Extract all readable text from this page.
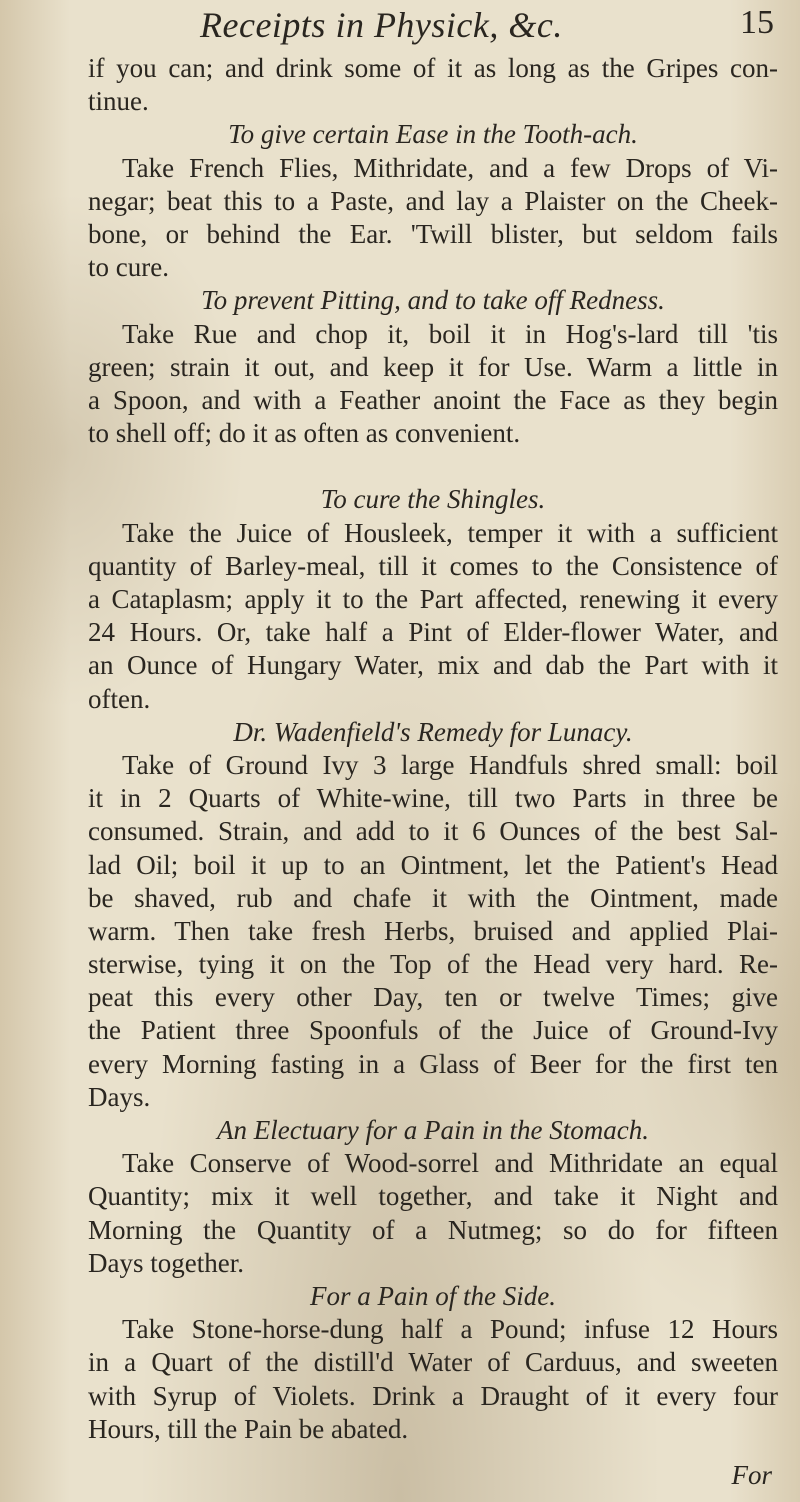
Receipts in Physick, &c.	15
if you can; and drink some of it as long as the Gripes con-
tinue.
To give certain Ease in the Tooth-ach.
Take French Flies, Mithridate, and a few Drops of Vi-
negar; beat this to a Paste, and lay a Plaister on the Cheek-
bone, or behind the Ear. 'Twill blister, but seldom fails
to cure.
To prevent Pitting, and to take off Redness.
Take Rue and chop it, boil it in Hog's-lard till 'tis
green; strain it out, and keep it for Use. Warm a little in
a Spoon, and with a Feather anoint the Face as they begin
to shell off; do it as often as convenient.
To cure the Shingles.
Take the Juice of Housleek, temper it with a sufficient
quantity of Barley-meal, till it comes to the Consistence of
a Cataplasm; apply it to the Part affected, renewing it every
24 Hours. Or, take half a Pint of Elder-flower Water, and
an Ounce of Hungary Water, mix and dab the Part with it
often.
Dr. Wadenfield's Remedy for Lunacy.
Take of Ground Ivy 3 large Handfuls shred small: boil
it in 2 Quarts of White-wine, till two Parts in three be
consumed. Strain, and add to it 6 Ounces of the best Sal-
lad Oil; boil it up to an Ointment, let the Patient's Head
be shaved, rub and chafe it with the Ointment, made
warm. Then take fresh Herbs, bruised and applied Plai-
sterwise, tying it on the Top of the Head very hard. Re-
peat this every other Day, ten or twelve Times; give
the Patient three Spoonfuls of the Juice of Ground-Ivy
every Morning fasting in a Glass of Beer for the first ten
Days.
An Electuary for a Pain in the Stomach.
Take Conserve of Wood-sorrel and Mithridate an equal
Quantity; mix it well together, and take it Night and
Morning the Quantity of a Nutmeg; so do for fifteen
Days together.
For a Pain of the Side.
Take Stone-horse-dung half a Pound; infuse 12 Hours
in a Quart of the distill'd Water of Carduus, and sweeten
with Syrup of Violets. Drink a Draught of it every four
Hours, till the Pain be abated.
For
